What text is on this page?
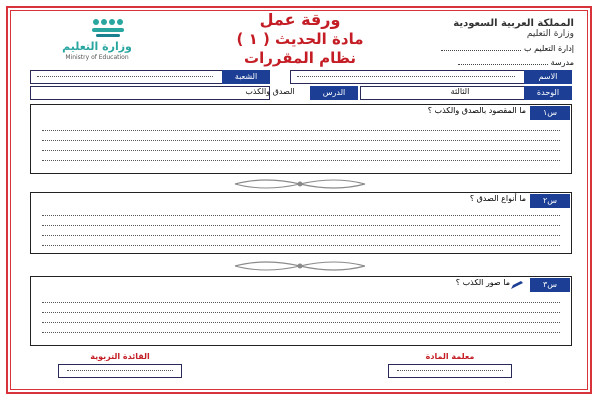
المملكة العربية السعودية
وزارة التعليم
إدارة التعليم ب
مدرسة
ورقة عمل
مادة الحديث ( ١ )
نظام المقررات
وزارة التعليم
Ministry of Education
الشعبة	الاسم
الصدق والكذب	الدرس	الثالثة	الوحدة
س١
ما المقصود بالصدق والكذب ؟
س٢
ما أنواع الصدق ؟
س٣
ما صور الكذب ؟
القائدة التربوية	معلمة المادة
